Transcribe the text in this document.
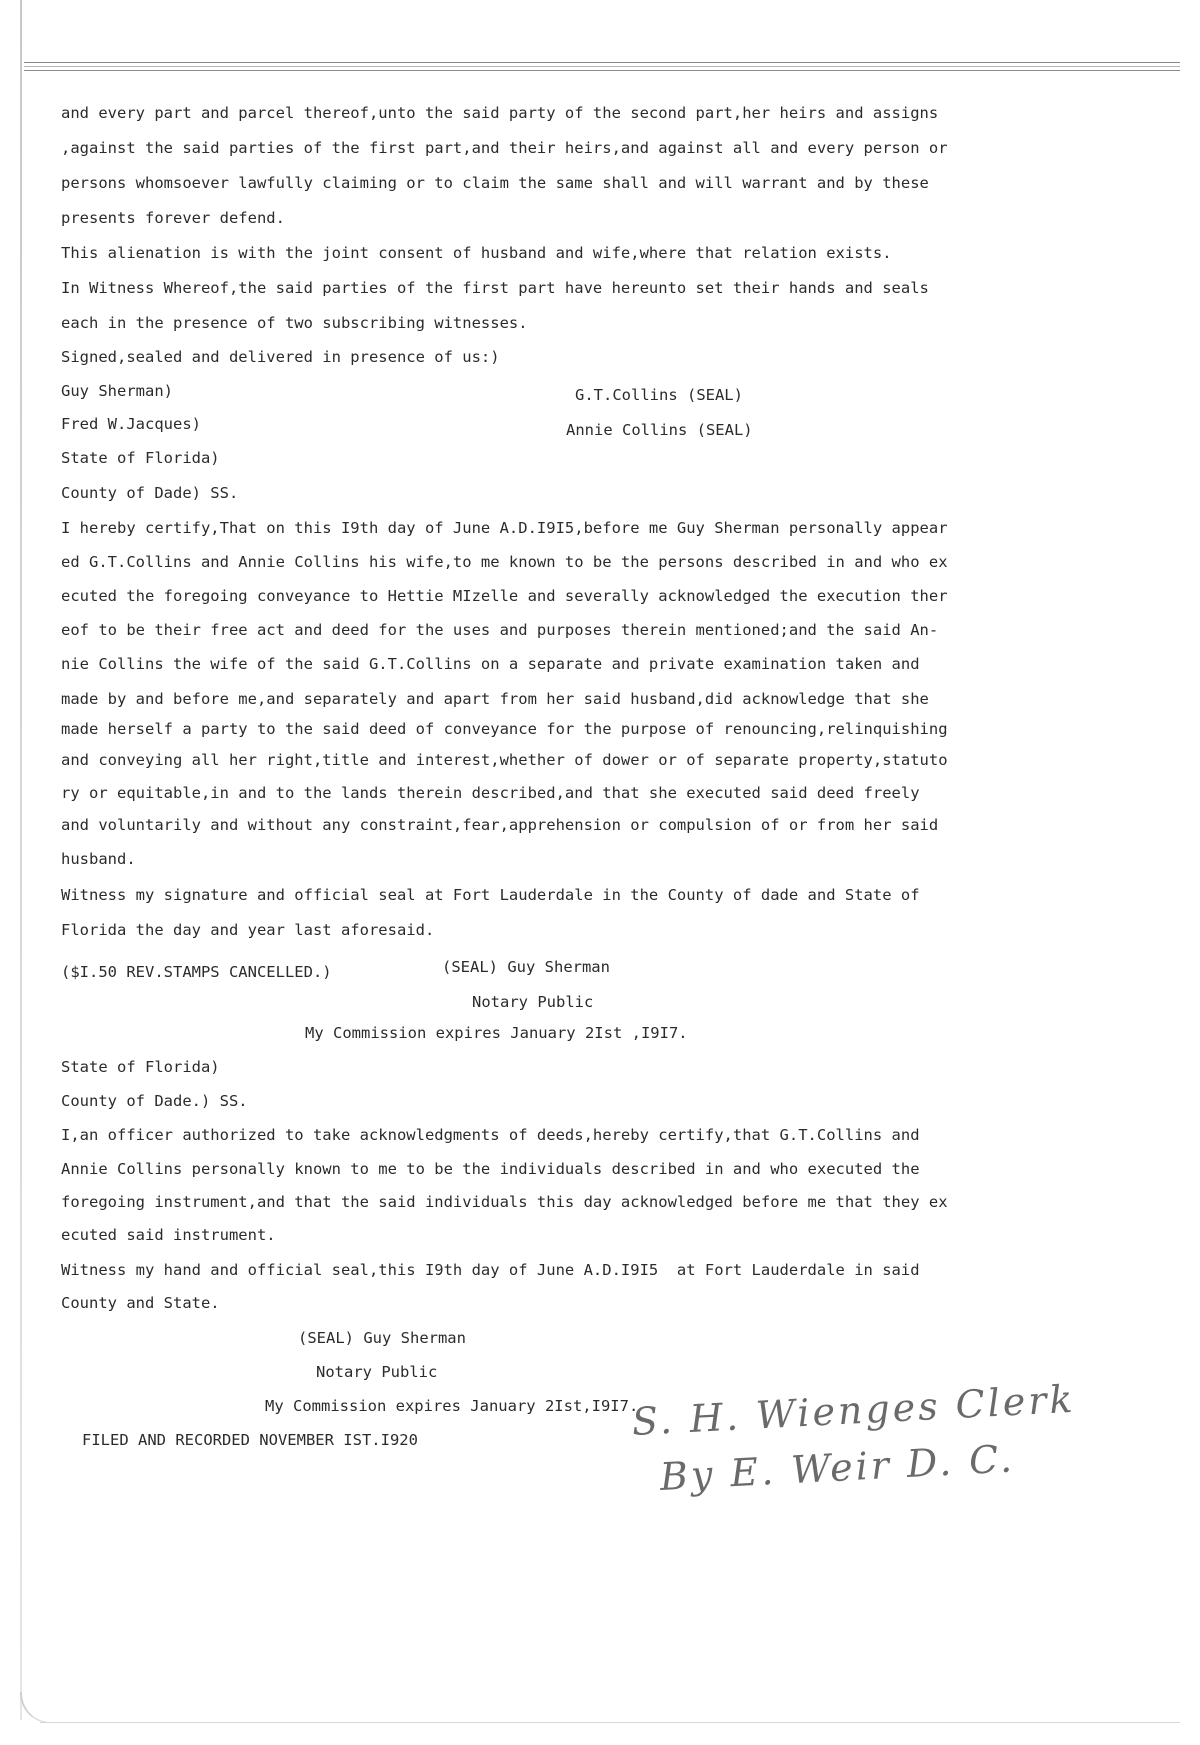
and every part and parcel thereof,unto the said party of the second part,her heirs and assigns
,against the said parties of the first part,and their heirs,and against all and every person or
persons whomsoever lawfully claiming or to claim the same shall and will warrant and by these
presents forever defend.
This alienation is with the joint consent of husband and wife,where that relation exists.
In Witness Whereof,the said parties of the first part have hereunto set their hands and seals
each in the presence of two subscribing witnesses.
Signed,sealed and delivered in presence of us:)
Guy Sherman)	G.T.Collins (SEAL)
Fred W.Jacques)	Annie Collins (SEAL)
State of Florida)
County of Dade) SS.
I hereby certify,That on this I9th day of June A.D.I9I5,before me Guy Sherman personally appear
ed G.T.Collins and Annie Collins his wife,to me known to be the persons described in and who ex
ecuted the foregoing conveyance to Hettie MIzelle and severally acknowledged the execution ther
eof to be their free act and deed for the uses and purposes therein mentioned;and the said An-
nie Collins the wife of the said G.T.Collins on a separate and private examination taken and
made by and before me,and separately and apart from her said husband,did acknowledge that she
made herself a party to the said deed of conveyance for the purpose of renouncing,relinquishing
and conveying all her right,title and interest,whether of dower or of separate property,statuto
ry or equitable,in and to the lands therein described,and that she executed said deed freely
and voluntarily and without any constraint,fear,apprehension or compulsion of or from her said
husband.
Witness my signature and official seal at Fort Lauderdale in the County of dade and State of
Florida the day and year last aforesaid.
($I.50 REV.STAMPS CANCELLED.)	(SEAL) Guy Sherman
Notary Public
My Commission expires January 2Ist ,I9I7.
State of Florida)
County of Dade.) SS.
I,an officer authorized to take acknowledgments of deeds,hereby certify,that G.T.Collins and
Annie Collins personally known to me to be the individuals described in and who executed the
foregoing instrument,and that the said individuals this day acknowledged before me that they ex
ecuted said instrument.
Witness my hand and official seal,this I9th day of June A.D.I9I5  at Fort Lauderdale in said
County and State.
(SEAL) Guy Sherman
Notary Public
My Commission expires January 2Ist,I9I7.
FILED AND RECORDED NOVEMBER IST.I920	S. H. Wienges Clerk
By E. Weir D. C.
